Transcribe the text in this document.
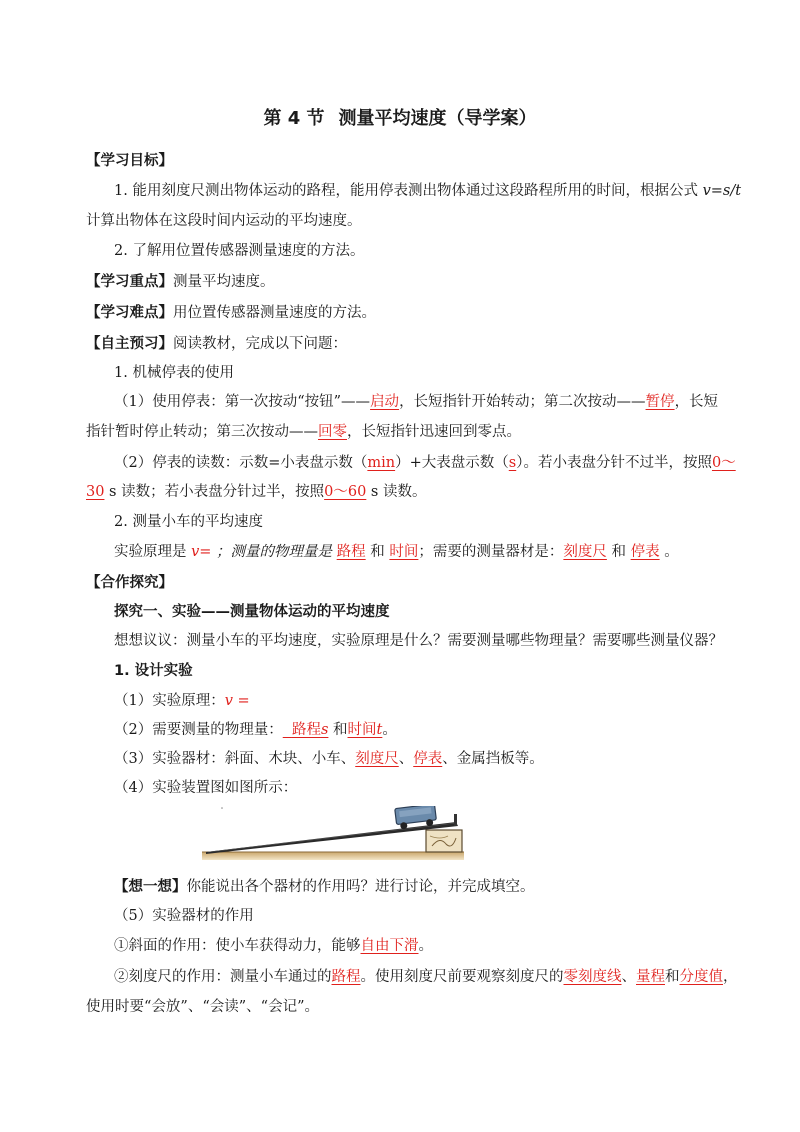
第 4 节 测量平均速度（导学案）
【学习目标】
1. 能用刻度尺测出物体运动的路程，能用停表测出物体通过这段路程所用的时间，根据公式 v=s/t
计算出物体在这段时间内运动的平均速度。
2. 了解用位置传感器测量速度的方法。
【学习重点】测量平均速度。
【学习难点】用位置传感器测量速度的方法。
【自主预习】阅读教材，完成以下问题：
1. 机械停表的使用
（1）使用停表：第一次按动“按钮”——启动，长短指针开始转动；第二次按动——暂停，长短
指针暂时停止转动；第三次按动——回零，长短指针迅速回到零点。
（2）停表的读数：示数=小表盘示数（min）+大表盘示数（s）。若小表盘分针不过半，按照0～
30 s 读数；若小表盘分针过半，按照0～60 s 读数。
2. 测量小车的平均速度
实验原理是 v= ；测量的物理量是 路程 和 时间；需要的测量器材是：刻度尺 和 停表 。
【合作探究】
探究一、实验——测量物体运动的平均速度
想想议议：测量小车的平均速度，实验原理是什么？需要测量哪些物理量？需要哪些测量仪器？
1. 设计实验
（1）实验原理：v =
（2）需要测量的物理量： 路程s 和时间t。
（3）实验器材：斜面、木块、小车、刻度尺、停表、金属挡板等。
（4）实验装置图如图所示：
【想一想】你能说出各个器材的作用吗？进行讨论，并完成填空。
（5）实验器材的作用
①斜面的作用：使小车获得动力，能够自由下滑。
②刻度尺的作用：测量小车通过的路程。使用刻度尺前要观察刻度尺的零刻度线、量程和分度值，
使用时要“会放”、“会读”、“会记”。
